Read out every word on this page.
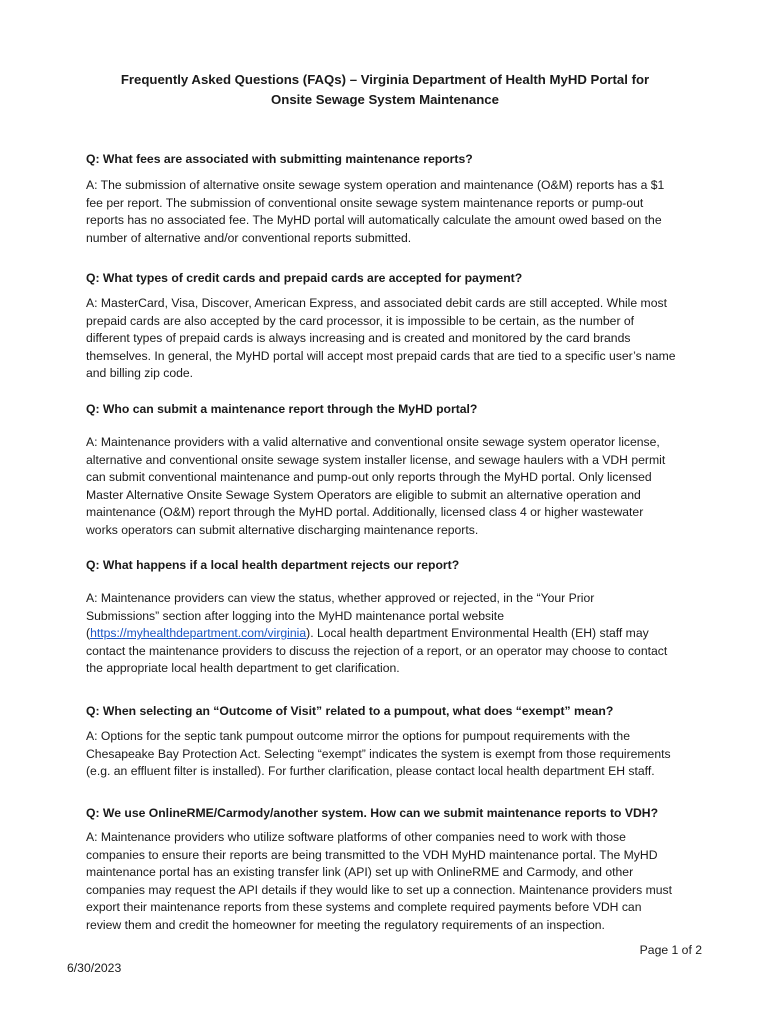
Frequently Asked Questions (FAQs) – Virginia Department of Health MyHD Portal for
Onsite Sewage System Maintenance
Q: What fees are associated with submitting maintenance reports?

A: The submission of alternative onsite sewage system operation and maintenance (O&M) reports has a $1
fee per report. The submission of conventional onsite sewage system maintenance reports or pump-out
reports has no associated fee. The MyHD portal will automatically calculate the amount owed based on the
number of alternative and/or conventional reports submitted.

Q: What types of credit cards and prepaid cards are accepted for payment?

A: MasterCard, Visa, Discover, American Express, and associated debit cards are still accepted. While most
prepaid cards are also accepted by the card processor, it is impossible to be certain, as the number of
different types of prepaid cards is always increasing and is created and monitored by the card brands
themselves. In general, the MyHD portal will accept most prepaid cards that are tied to a specific user’s name
and billing zip code.

Q: Who can submit a maintenance report through the MyHD portal?

A: Maintenance providers with a valid alternative and conventional onsite sewage system operator license,
alternative and conventional onsite sewage system installer license, and sewage haulers with a VDH permit
can submit conventional maintenance and pump-out only reports through the MyHD portal. Only licensed
Master Alternative Onsite Sewage System Operators are eligible to submit an alternative operation and
maintenance (O&M) report through the MyHD portal. Additionally, licensed class 4 or higher wastewater
works operators can submit alternative discharging maintenance reports.

Q: What happens if a local health department rejects our report?

A: Maintenance providers can view the status, whether approved or rejected, in the “Your Prior
Submissions” section after logging into the MyHD maintenance portal website
(https://myhealthdepartment.com/virginia). Local health department Environmental Health (EH) staff may
contact the maintenance providers to discuss the rejection of a report, or an operator may choose to contact
the appropriate local health department to get clarification.

Q: When selecting an “Outcome of Visit” related to a pumpout, what does “exempt” mean?

A: Options for the septic tank pumpout outcome mirror the options for pumpout requirements with the
Chesapeake Bay Protection Act. Selecting “exempt” indicates the system is exempt from those requirements
(e.g. an effluent filter is installed). For further clarification, please contact local health department EH staff.

Q: We use OnlineRME/Carmody/another system. How can we submit maintenance reports to VDH?

A: Maintenance providers who utilize software platforms of other companies need to work with those
companies to ensure their reports are being transmitted to the VDH MyHD maintenance portal. The MyHD
maintenance portal has an existing transfer link (API) set up with OnlineRME and Carmody, and other
companies may request the API details if they would like to set up a connection. Maintenance providers must
export their maintenance reports from these systems and complete required payments before VDH can
review them and credit the homeowner for meeting the regulatory requirements of an inspection.

Page 1 of 2
6/30/2023
